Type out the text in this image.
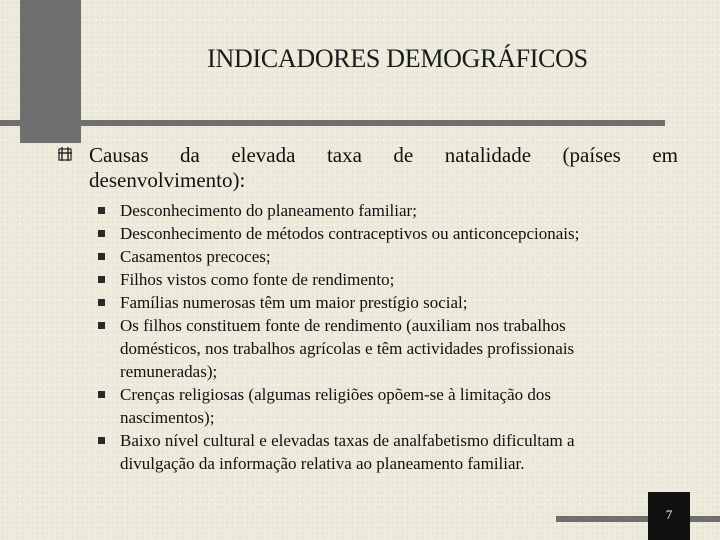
INDICADORES DEMOGRÁFICOS
Causas da elevada taxa de natalidade (países em
desenvolvimento):
Desconhecimento do planeamento familiar;
Desconhecimento de métodos contraceptivos ou anticoncepcionais;
Casamentos precoces;
Filhos vistos como fonte de rendimento;
Famílias numerosas têm um maior prestígio social;
Os filhos constituem fonte de rendimento (auxiliam nos trabalhos
domésticos, nos trabalhos agrícolas e têm actividades profissionais
remuneradas);
Crenças religiosas (algumas religiões opõem-se à limitação dos
nascimentos);
Baixo nível cultural e elevadas taxas de analfabetismo dificultam a
divulgação da informação relativa ao planeamento familiar.
7
